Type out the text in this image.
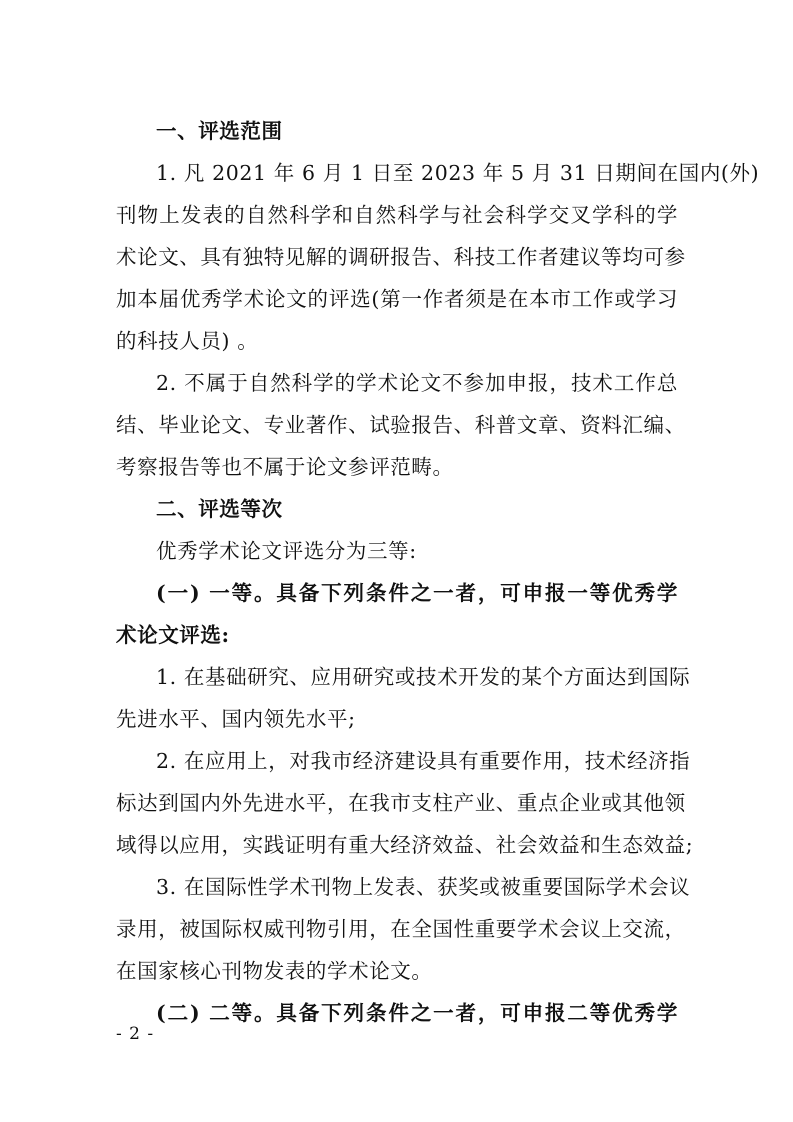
一、评选范围
1. 凡 2021 年 6 月 1 日至 2023 年 5 月 31 日期间在国内(外)
刊物上发表的自然科学和自然科学与社会科学交叉学科的学
术论文、具有独特见解的调研报告、科技工作者建议等均可参
加本届优秀学术论文的评选(第一作者须是在本市工作或学习
的科技人员) 。
2. 不属于自然科学的学术论文不参加申报，技术工作总
结、毕业论文、专业著作、试验报告、科普文章、资料汇编、
考察报告等也不属于论文参评范畴。
二、评选等次
优秀学术论文评选分为三等:
(一) 一等。具备下列条件之一者，可申报一等优秀学
术论文评选:
1. 在基础研究、应用研究或技术开发的某个方面达到国际
先进水平、国内领先水平;
2. 在应用上，对我市经济建设具有重要作用，技术经济指
标达到国内外先进水平，在我市支柱产业、重点企业或其他领
域得以应用，实践证明有重大经济效益、社会效益和生态效益;
3. 在国际性学术刊物上发表、获奖或被重要国际学术会议
录用，被国际权威刊物引用，在全国性重要学术会议上交流，
在国家核心刊物发表的学术论文。
(二) 二等。具备下列条件之一者，可申报二等优秀学
- 2 -
